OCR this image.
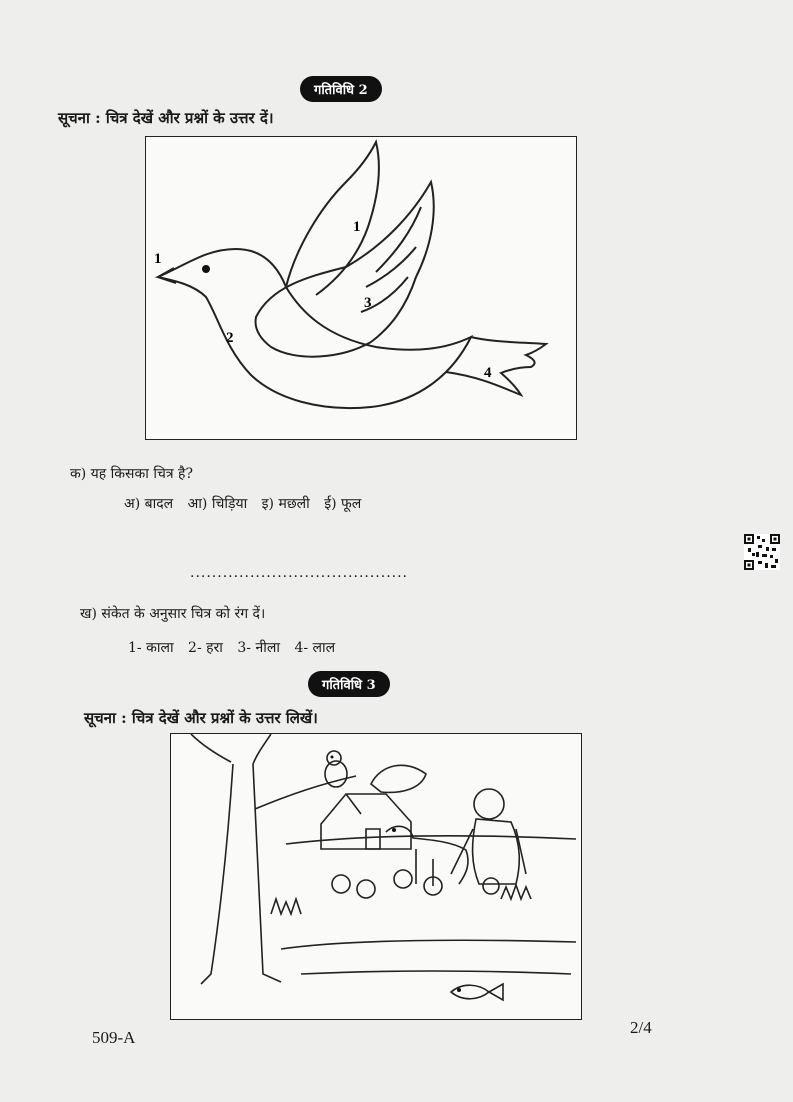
गतिविधि 2
सूचना : चित्र देखें और प्रश्नों के उत्तर दें।
1
1
2
3
4
क) यह किसका चित्र है?
अ) बादल आ) चिड़िया इ) मछली ई) फूल
........................................
ख) संकेत के अनुसार चित्र को रंग दें।
1- काला 2- हरा 3- नीला 4- लाल
गतिविधि 3
सूचना : चित्र देखें और प्रश्नों के उत्तर लिखें।
509-A
2/4
